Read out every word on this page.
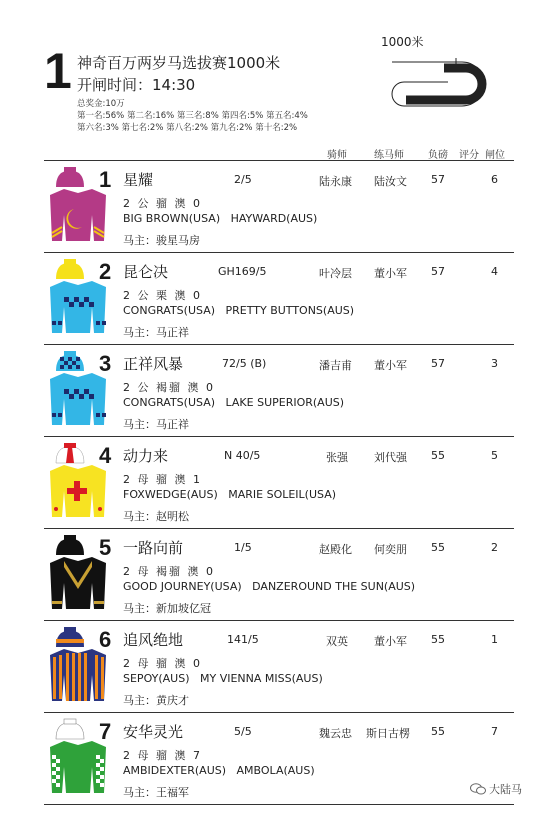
1 神奇百万两岁马选拔赛1000米
开闸时间：14:30
总奖金:10万
第一名:56% 第二名:16% 第三名:8% 第四名:5% 第五名:4%
第六名:3% 第七名:2% 第八名:2% 第九名:2% 第十名:2%
1000米
骑师	练马师 负磅 评分 闸位
1 星耀	2/5	陆永康 陆汝文 57	6
2 公 骝 澳 0
BIG BROWN(USA) HAYWARD(AUS)
马主：骏星马房
2 昆仑决	GH169/5	叶冷层 董小军 57	4
2 公 栗 澳 0
CONGRATS(USA) PRETTY BUTTONS(AUS)
马主：马正祥
3 正祥风暴	72/5 (B)	潘吉甫 董小军 57	3
2 公 褐骝 澳 0
CONGRATS(USA) LAKE SUPERIOR(AUS)
马主：马正祥
4 动力来	N 40/5	张强 刘代强 55	5
2 母 骝 澳 1
FOXWEDGE(AUS) MARIE SOLEIL(USA)
马主：赵明松
5 一路向前	1/5	赵殿化 何奕朋 55	2
2 母 褐骝 澳 0
GOOD JOURNEY(USA) DANZEROUND THE SUN(AUS)
马主：新加坡亿冠
6 追风绝地	141/5	双英 董小军 55	1
2 母 骝 澳 0
SEPOY(AUS) MY VIENNA MISS(AUS)
马主：黄庆才
7 安华灵光	5/5	魏云忠 斯日古楞 55	7
2 母 骝 澳 7
AMBIDEXTER(AUS) AMBOLA(AUS)
马主：王福军	大陆马
